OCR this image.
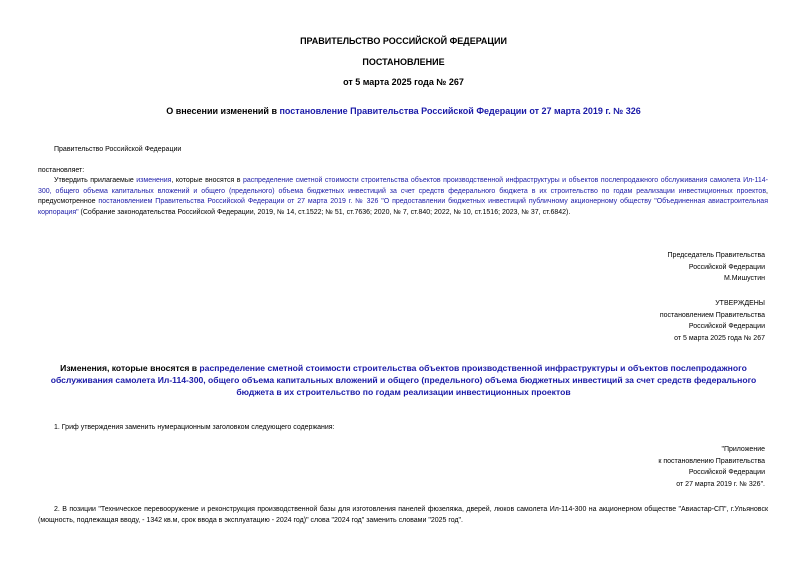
ПРАВИТЕЛЬСТВО РОССИЙСКОЙ ФЕДЕРАЦИИ
ПОСТАНОВЛЕНИЕ
от 5 марта 2025 года № 267
О внесении изменений в постановление Правительства Российской Федерации от 27 марта 2019 г. № 326
Правительство Российской Федерации
постановляет:
Утвердить прилагаемые изменения, которые вносятся в распределение сметной стоимости строительства объектов производственной инфраструктуры и объектов послепродажного обслуживания самолета Ил-114-300, общего объема капитальных вложений и общего (предельного) объема бюджетных инвестиций за счет средств федерального бюджета в их строительство по годам реализации инвестиционных проектов, предусмотренное постановлением Правительства Российской Федерации от 27 марта 2019 г. № 326 "О предоставлении бюджетных инвестиций публичному акционерному обществу "Объединенная авиастроительная корпорация" (Собрание законодательства Российской Федерации, 2019, № 14, ст.1522; № 51, ст.7636; 2020, № 7, ст.840; 2022, № 10, ст.1516; 2023, № 37, ст.6842).

Председатель Правительства

Российской Федерации

М.Мишустин

УТВЕРЖДЕНЫ

постановлением Правительства

Российской Федерации

от 5 марта 2025 года № 267

Изменения, которые вносятся в распределение сметной стоимости строительства объектов производственной инфраструктуры и объектов послепродажного обслуживания самолета Ил-114-300, общего объема капитальных вложений и общего (предельного) объема бюджетных инвестиций за счет средств федерального бюджета в их строительство по годам реализации инвестиционных проектов
1. Гриф утверждения заменить нумерационным заголовком следующего содержания:

"Приложение

к постановлению Правительства

Российской Федерации

от 27 марта 2019 г. № 326".

2. В позиции "Техническое перевооружение и реконструкция производственной базы для изготовления панелей фюзеляжа, дверей, люков самолета Ил-114-300 на акционерном обществе "Авиастар-СП", г.Ульяновск (мощность, подлежащая вводу, - 1342 кв.м, срок ввода в эксплуатацию - 2024 год)" слова "2024 год" заменить словами "2025 год".
